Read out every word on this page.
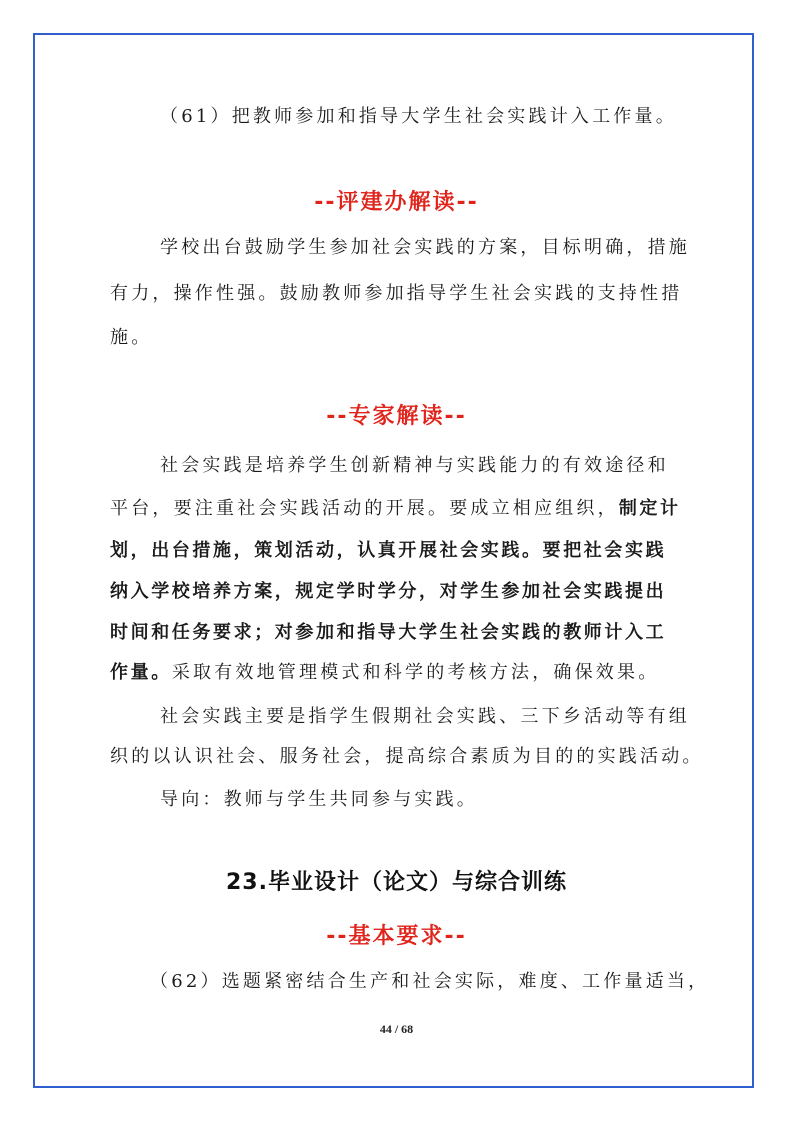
（61）把教师参加和指导大学生社会实践计入工作量。
--评建办解读--
学校出台鼓励学生参加社会实践的方案，目标明确，措施
有力，操作性强。鼓励教师参加指导学生社会实践的支持性措
施。
--专家解读--
社会实践是培养学生创新精神与实践能力的有效途径和
平台，要注重社会实践活动的开展。要成立相应组织，制定计
划，出台措施，策划活动，认真开展社会实践。要把社会实践
纳入学校培养方案，规定学时学分，对学生参加社会实践提出
时间和任务要求；对参加和指导大学生社会实践的教师计入工
作量。采取有效地管理模式和科学的考核方法，确保效果。
社会实践主要是指学生假期社会实践、三下乡活动等有组
织的以认识社会、服务社会，提高综合素质为目的的实践活动。
导向：教师与学生共同参与实践。
23.毕业设计（论文）与综合训练
--基本要求--
（62）选题紧密结合生产和社会实际，难度、工作量适当，
44 / 68
